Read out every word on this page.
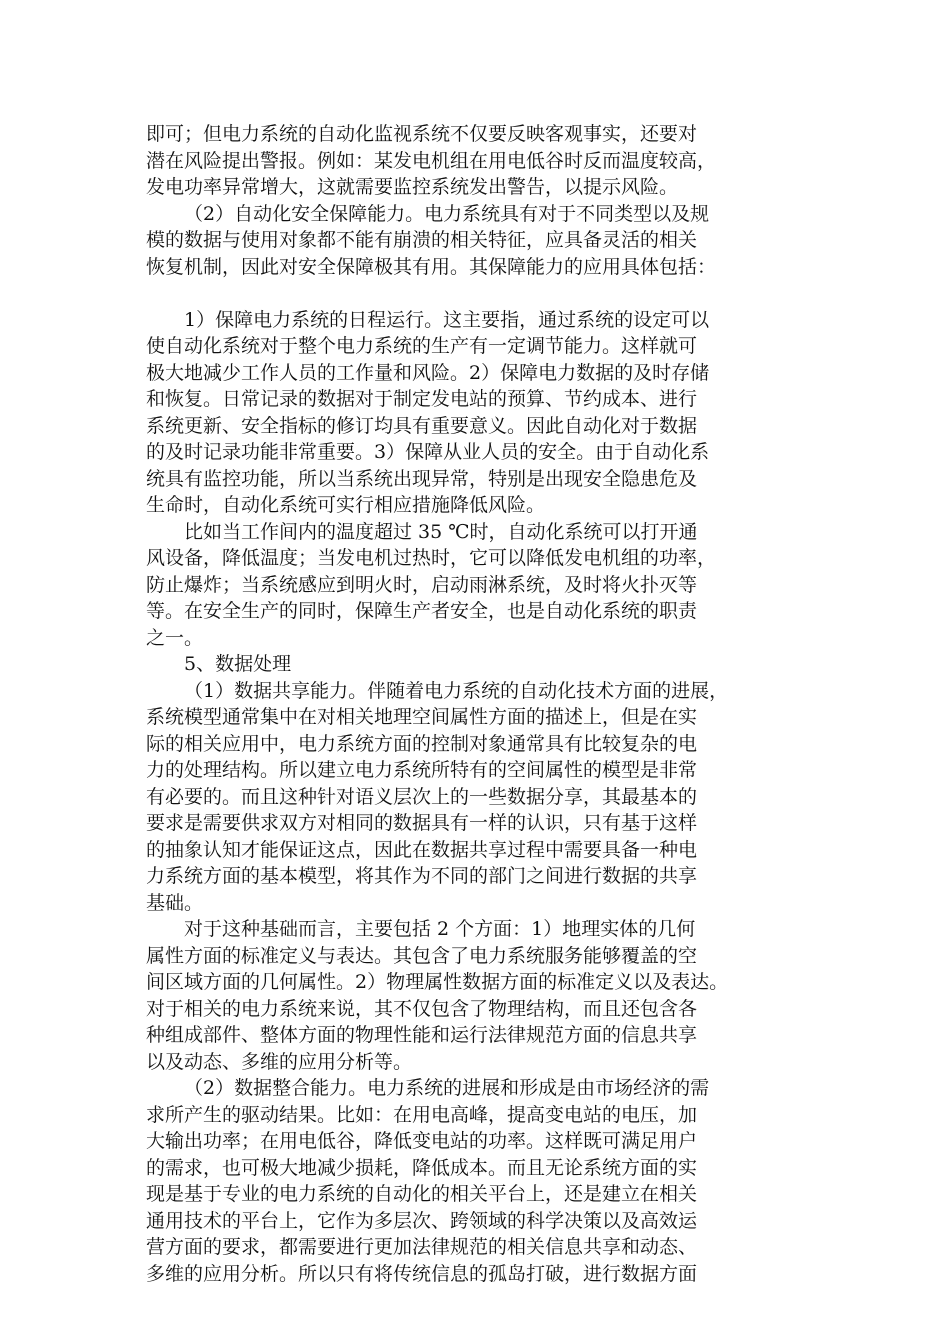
即可；但电力系统的自动化监视系统不仅要反映客观事实，还要对
潜在风险提出警报。例如：某发电机组在用电低谷时反而温度较高，
发电功率异常增大，这就需要监控系统发出警告，以提示风险。
（2）自动化安全保障能力。电力系统具有对于不同类型以及规
模的数据与使用对象都不能有崩溃的相关特征，应具备灵活的相关
恢复机制，因此对安全保障极其有用。其保障能力的应用具体包括：
1）保障电力系统的日程运行。这主要指，通过系统的设定可以
使自动化系统对于整个电力系统的生产有一定调节能力。这样就可
极大地减少工作人员的工作量和风险。2）保障电力数据的及时存储
和恢复。日常记录的数据对于制定发电站的预算、节约成本、进行
系统更新、安全指标的修订均具有重要意义。因此自动化对于数据
的及时记录功能非常重要。3）保障从业人员的安全。由于自动化系
统具有监控功能，所以当系统出现异常，特别是出现安全隐患危及
生命时，自动化系统可实行相应措施降低风险。
比如当工作间内的温度超过 35 ℃时，自动化系统可以打开通
风设备，降低温度；当发电机过热时，它可以降低发电机组的功率，
防止爆炸；当系统感应到明火时，启动雨淋系统，及时将火扑灭等
等。在安全生产的同时，保障生产者安全，也是自动化系统的职责
之一。
5、数据处理
（1）数据共享能力。伴随着电力系统的自动化技术方面的进展，
系统模型通常集中在对相关地理空间属性方面的描述上，但是在实
际的相关应用中，电力系统方面的控制对象通常具有比较复杂的电
力的处理结构。所以建立电力系统所特有的空间属性的模型是非常
有必要的。而且这种针对语义层次上的一些数据分享，其最基本的
要求是需要供求双方对相同的数据具有一样的认识，只有基于这样
的抽象认知才能保证这点，因此在数据共享过程中需要具备一种电
力系统方面的基本模型，将其作为不同的部门之间进行数据的共享
基础。
对于这种基础而言，主要包括 2 个方面：1）地理实体的几何
属性方面的标准定义与表达。其包含了电力系统服务能够覆盖的空
间区域方面的几何属性。2）物理属性数据方面的标准定义以及表达。
对于相关的电力系统来说，其不仅包含了物理结构，而且还包含各
种组成部件、整体方面的物理性能和运行法律规范方面的信息共享
以及动态、多维的应用分析等。
（2）数据整合能力。电力系统的进展和形成是由市场经济的需
求所产生的驱动结果。比如：在用电高峰，提高变电站的电压，加
大输出功率；在用电低谷，降低变电站的功率。这样既可满足用户
的需求，也可极大地减少损耗，降低成本。而且无论系统方面的实
现是基于专业的电力系统的自动化的相关平台上，还是建立在相关
通用技术的平台上，它作为多层次、跨领域的科学决策以及高效运
营方面的要求，都需要进行更加法律规范的相关信息共享和动态、
多维的应用分析。所以只有将传统信息的孤岛打破，进行数据方面
